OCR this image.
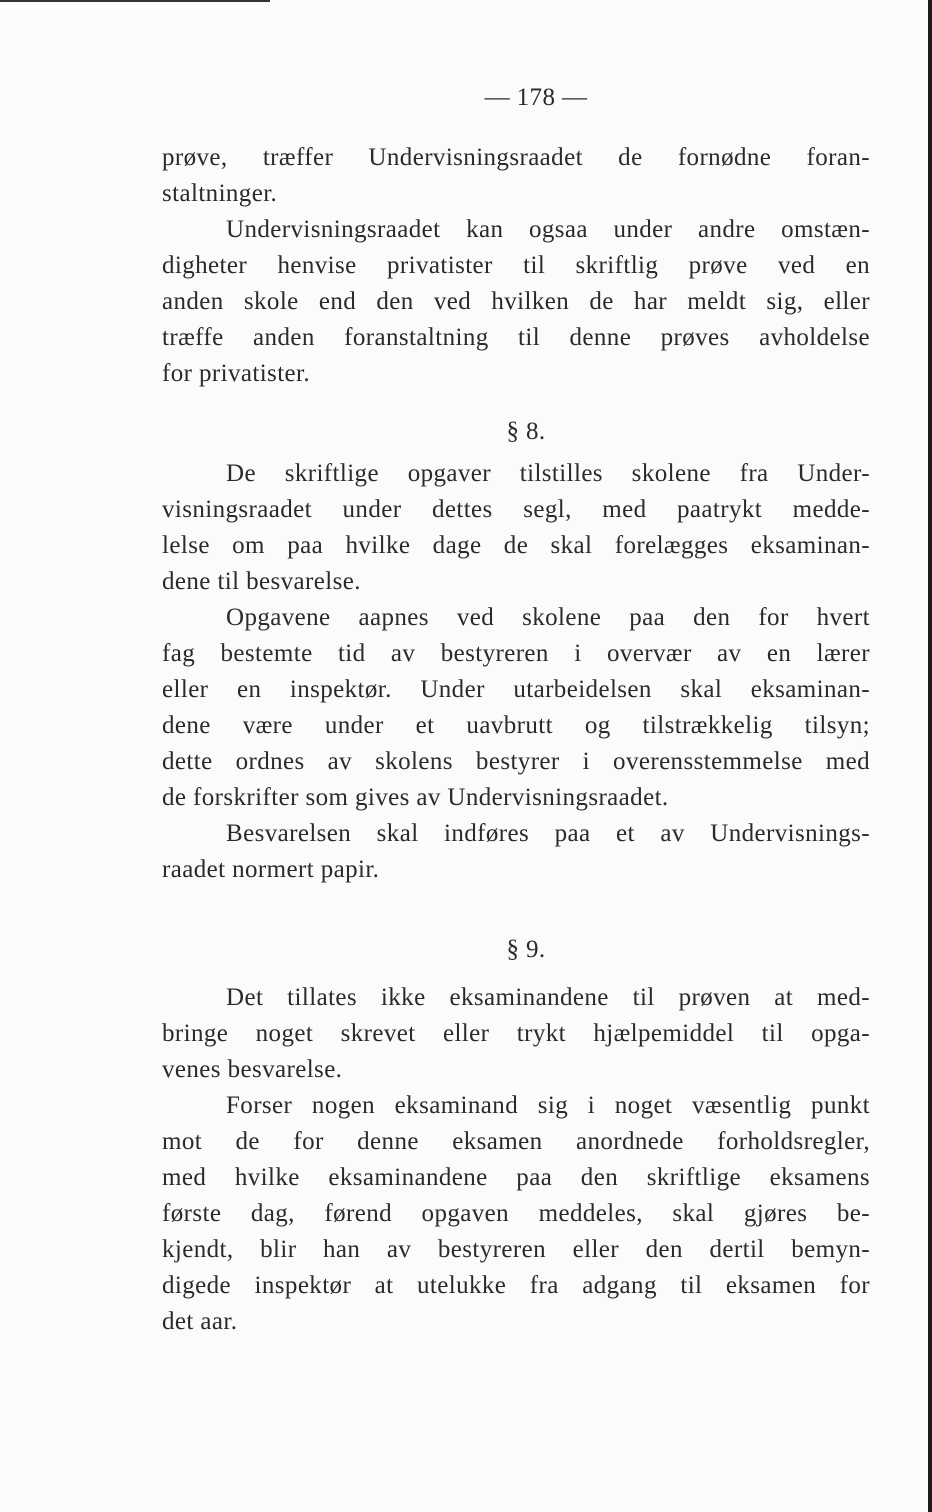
— 178 —

prøve, træffer Undervisningsraadet de fornødne foran-
staltninger.

Undervisningsraadet kan ogsaa under andre omstæn-
digheter henvise privatister til skriftlig prøve ved en
anden skole end den ved hvilken de har meldt sig, eller
træffe anden foranstaltning til denne prøves avholdelse
for privatister.

§ 8.

De skriftlige opgaver tilstilles skolene fra Under-
visningsraadet under dettes segl, med paatrykt medde-
lelse om paa hvilke dage de skal forelægges eksaminan-
dene til besvarelse.

Opgavene aapnes ved skolene paa den for hvert
fag bestemte tid av bestyreren i overvær av en lærer
eller en inspektør. Under utarbeidelsen skal eksaminan-
dene være under et uavbrutt og tilstrækkelig tilsyn;
dette ordnes av skolens bestyrer i overensstemmelse med
de forskrifter som gives av Undervisningsraadet.

Besvarelsen skal indføres paa et av Undervisnings-
raadet normert papir.

§ 9.

Det tillates ikke eksaminandene til prøven at med-
bringe noget skrevet eller trykt hjælpemiddel til opga-
venes besvarelse.

Forser nogen eksaminand sig i noget væsentlig punkt
mot de for denne eksamen anordnede forholdsregler,
med hvilke eksaminandene paa den skriftlige eksamens
første dag, førend opgaven meddeles, skal gjøres be-
kjendt, blir han av bestyreren eller den dertil bemyn-
digede inspektør at utelukke fra adgang til eksamen for
det aar.
